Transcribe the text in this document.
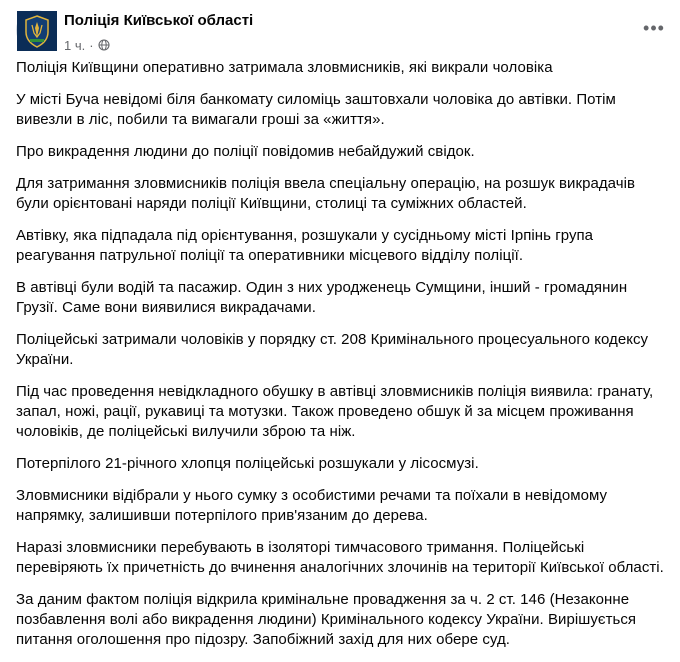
Поліція Київської області
1 ч. ·
•••

Поліція Київщини оперативно затримала зловмисників, які викрали чоловіка

У місті Буча невідомі біля банкомату силоміць заштовхали чоловіка до автівки. Потім вивезли в ліс, побили та вимагали гроші за «життя».

Про викрадення людини до поліції повідомив небайдужий свідок.

Для затримання зловмисників поліція ввела спеціальну операцію, на розшук викрадачів були орієнтовані наряди поліції Київщини, столиці та суміжних областей.

Автівку, яка підпадала під орієнтування, розшукали у сусідньому місті Ірпінь група реагування патрульної поліції та оперативники місцевого відділу поліції.

В автівці були водій та пасажир. Один з них уродженець Сумщини, інший - громадянин Грузії. Саме вони виявилися викрадачами.

Поліцейські затримали чоловіків у порядку ст. 208 Кримінального процесуального кодексу України.

Під час проведення невідкладного обушку в автівці зловмисників поліція виявила: гранату, запал, ножі, рації, рукавиці та мотузки. Також проведено обшук й за місцем проживання чоловіків, де поліцейські вилучили зброю та ніж.

Потерпілого 21-річного хлопця поліцейські розшукали у лісосмузі.

Зловмисники відібрали у нього сумку з особистими речами та поїхали в невідомому напрямку, залишивши потерпілого прив'язаним до дерева.

Наразі зловмисники перебувають в ізоляторі тимчасового тримання. Поліцейські перевіряють їх причетність до вчинення аналогічних злочинів на території Київської області.

За даним фактом поліція відкрила кримінальне провадження за ч. 2 ст. 146 (Незаконне позбавлення волі або викрадення людини) Кримінального кодексу України. Вирішується питання оголошення про підозру. Запобіжний захід для них обере суд.
